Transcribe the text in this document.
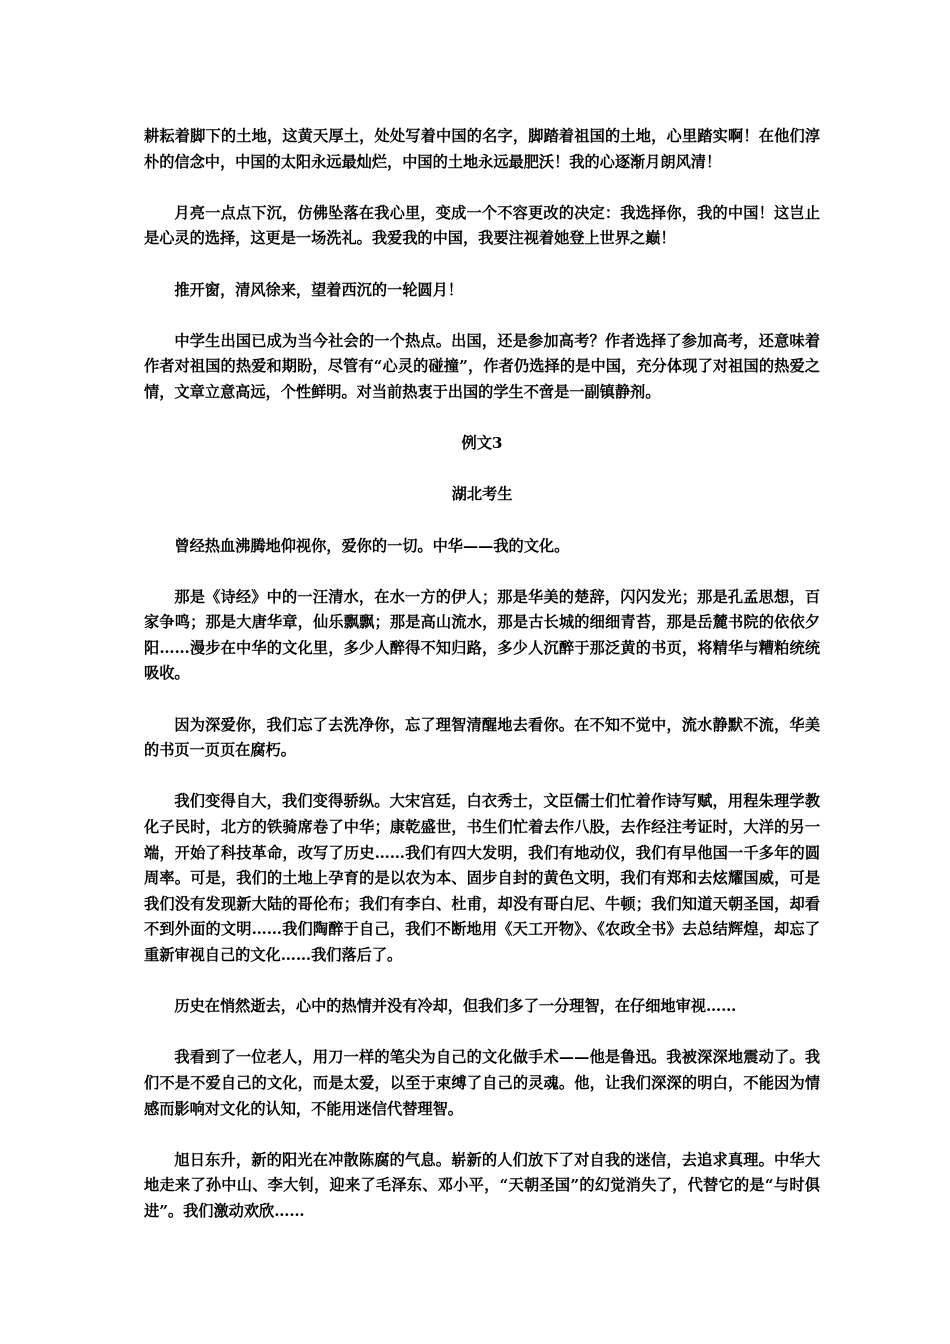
耕耘着脚下的土地，这黄天厚土，处处写着中国的名字，脚踏着祖国的土地，心里踏实啊！在他们淳朴的信念中，中国的太阳永远最灿烂，中国的土地永远最肥沃！我的心逐渐月朗风清！

月亮一点点下沉，仿佛坠落在我心里，变成一个不容更改的决定：我选择你，我的中国！这岂止是心灵的选择，这更是一场洗礼。我爱我的中国，我要注视着她登上世界之巅！

推开窗，清风徐来，望着西沉的一轮圆月！

中学生出国已成为当今社会的一个热点。出国，还是参加高考？作者选择了参加高考，还意味着作者对祖国的热爱和期盼，尽管有“心灵的碰撞”，作者仍选择的是中国，充分体现了对祖国的热爱之情，文章立意高远，个性鲜明。对当前热衷于出国的学生不啻是一副镇静剂。

例文3

湖北考生

曾经热血沸腾地仰视你，爱你的一切。中华——我的文化。

那是《诗经》中的一汪清水，在水一方的伊人；那是华美的楚辞，闪闪发光；那是孔孟思想，百家争鸣；那是大唐华章，仙乐飘飘；那是高山流水，那是古长城的细细青苔，那是岳麓书院的依依夕阳……漫步在中华的文化里，多少人醉得不知归路，多少人沉醉于那泛黄的书页，将精华与糟粕统统吸收。

因为深爱你，我们忘了去洗净你，忘了理智清醒地去看你。在不知不觉中，流水静默不流，华美的书页一页页在腐朽。

我们变得自大，我们变得骄纵。大宋宫廷，白衣秀士，文臣儒士们忙着作诗写赋，用程朱理学教化子民时，北方的铁骑席卷了中华；康乾盛世，书生们忙着去作八股，去作经注考证时，大洋的另一端，开始了科技革命，改写了历史……我们有四大发明，我们有地动仪，我们有早他国一千多年的圆周率。可是，我们的土地上孕育的是以农为本、固步自封的黄色文明，我们有郑和去炫耀国威，可是我们没有发现新大陆的哥伦布；我们有李白、杜甫，却没有哥白尼、牛顿；我们知道天朝圣国，却看不到外面的文明……我们陶醉于自己，我们不断地用《天工开物》、《农政全书》去总结辉煌，却忘了重新审视自己的文化……我们落后了。

历史在悄然逝去，心中的热情并没有冷却，但我们多了一分理智，在仔细地审视……

我看到了一位老人，用刀一样的笔尖为自己的文化做手术——他是鲁迅。我被深深地震动了。我们不是不爱自己的文化，而是太爱，以至于束缚了自己的灵魂。他，让我们深深的明白，不能因为情感而影响对文化的认知，不能用迷信代替理智。

旭日东升，新的阳光在冲散陈腐的气息。崭新的人们放下了对自我的迷信，去追求真理。中华大地走来了孙中山、李大钊，迎来了毛泽东、邓小平，“天朝圣国”的幻觉消失了，代替它的是“与时俱进”。我们激动欢欣……
